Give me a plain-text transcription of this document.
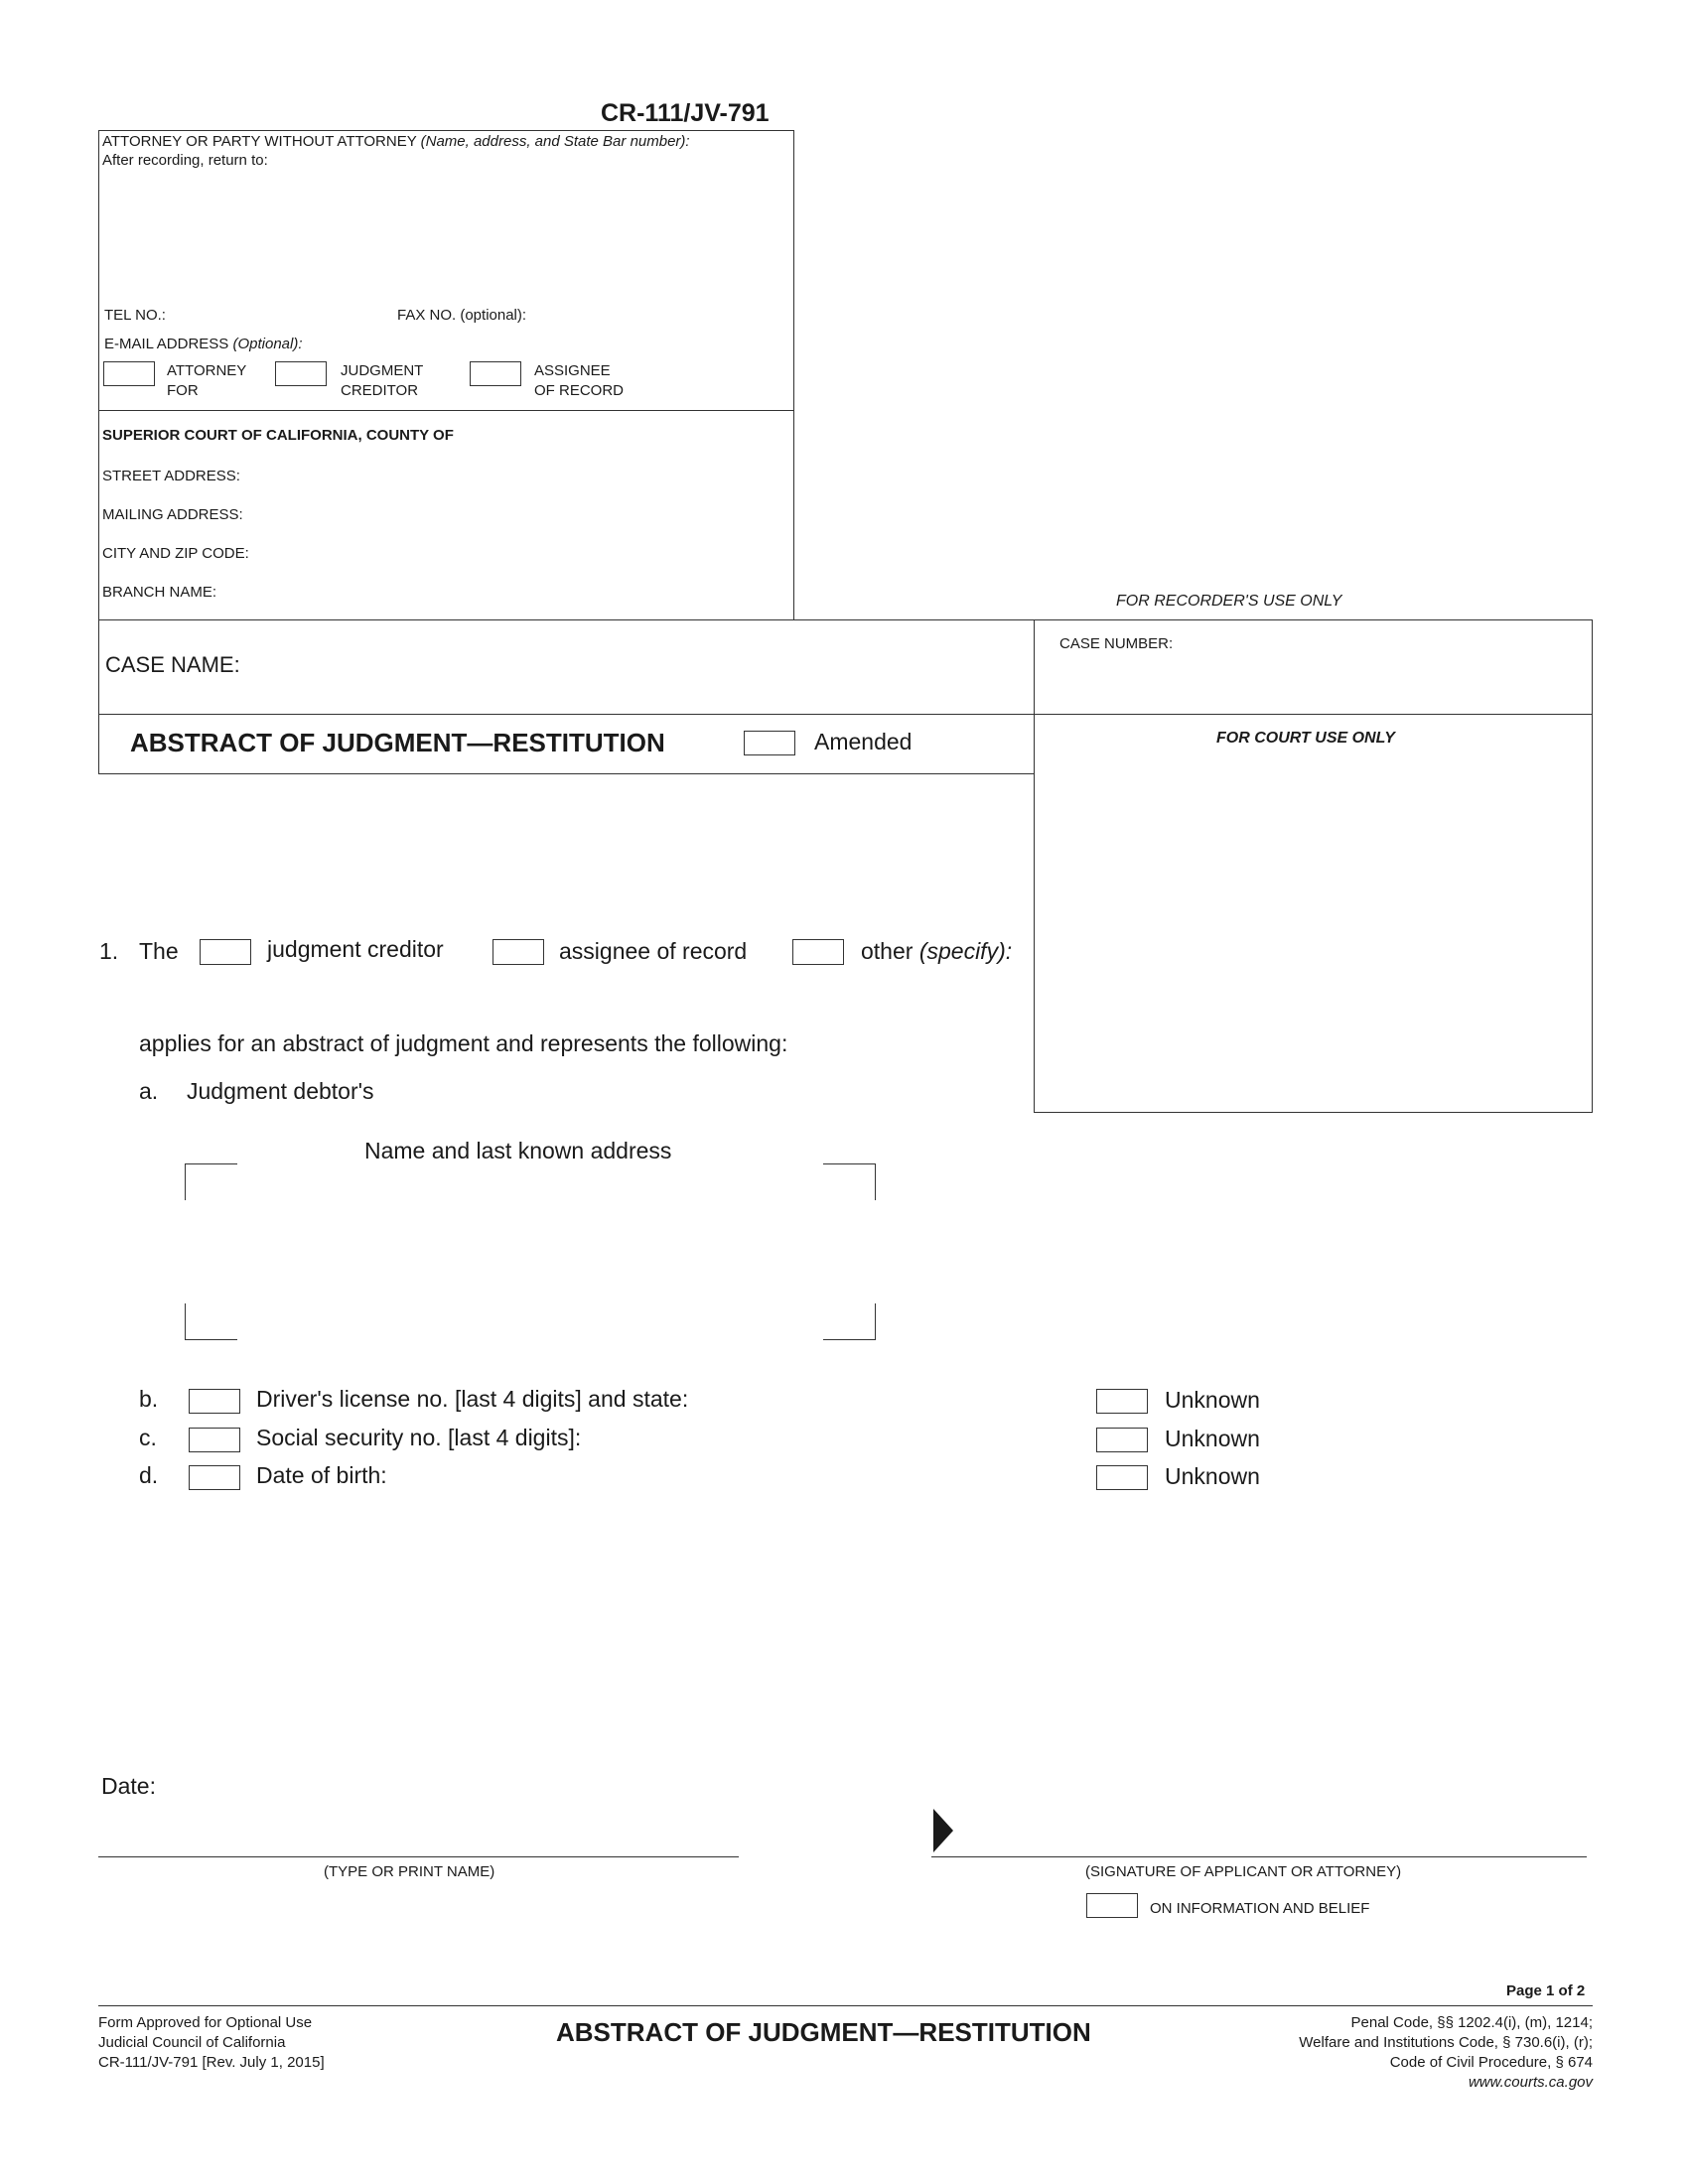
CR-111/JV-791
ATTORNEY OR PARTY WITHOUT ATTORNEY (Name, address, and State Bar number):
After recording, return to:
TEL NO.:	FAX NO. (optional):
E-MAIL ADDRESS (Optional):
ATTORNEY
FOR
JUDGMENT
CREDITOR
ASSIGNEE
OF RECORD
SUPERIOR COURT OF CALIFORNIA, COUNTY OF
STREET ADDRESS:
MAILING ADDRESS:
CITY AND ZIP CODE:
BRANCH NAME:
FOR RECORDER'S USE ONLY
CASE NAME:
CASE NUMBER:
ABSTRACT OF JUDGMENT—RESTITUTION	Amended	FOR COURT USE ONLY
1. The	judgment creditor	assignee of record	other (specify):
applies for an abstract of judgment and represents the following:
a. Judgment debtor's
Name and last known address
b.	Driver's license no. [last 4 digits] and state:	Unknown
c.	Social security no. [last 4 digits]:	Unknown
d.	Date of birth:	Unknown
Date:
(TYPE OR PRINT NAME)	(SIGNATURE OF APPLICANT OR ATTORNEY)
ON INFORMATION AND BELIEF
Page 1 of 2
Form Approved for Optional Use
Judicial Council of California
CR-111/JV-791 [Rev. July 1, 2015]
ABSTRACT OF JUDGMENT—RESTITUTION	Penal Code, §§ 1202.4(i), (m), 1214;
Welfare and Institutions Code, § 730.6(i), (r);
Code of Civil Procedure, § 674
www.courts.ca.gov
